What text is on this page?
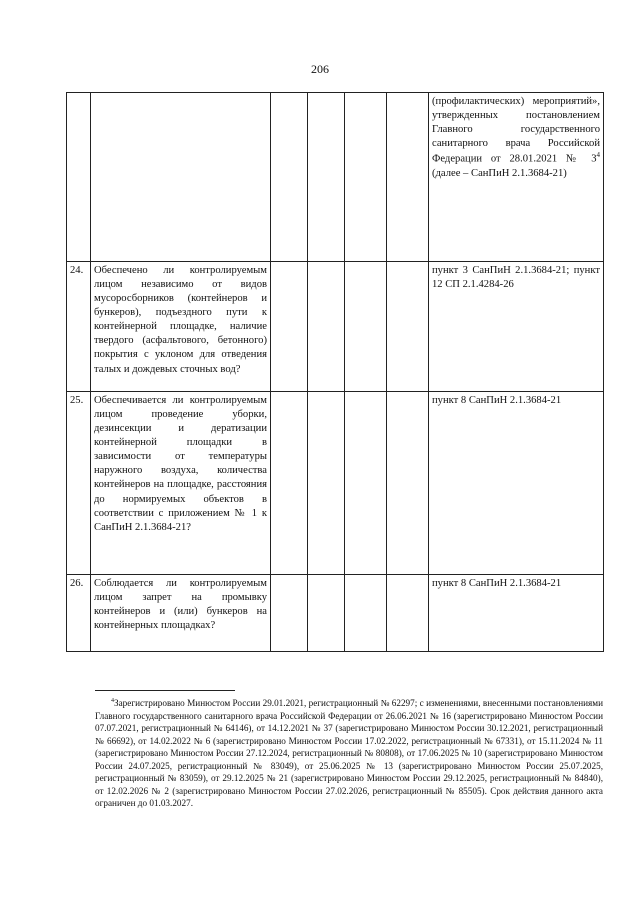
206
						(профилактических) мероприятий», утвержденных постановлением Главного государственного санитарного врача Российской Федерации от 28.01.2021 № $3^4$ (далее – СанПиН 2.1.3684-21)
24.	Обеспечено ли контролируемым лицом независимо от видов мусоросборников (контейнеров и бункеров), подъездного пути к контейнерной площадке, наличие твердого (асфальтового, бетонного) покрытия с уклоном для отведения талых и дождевых сточных вод?					пункт 3 СанПиН 2.1.3684-21; пункт 12 СП 2.1.4284-26
25.	Обеспечивается ли контролируемым лицом проведение уборки, дезинсекции и дератизации контейнерной площадки в зависимости от температуры наружного воздуха, количества контейнеров на площадке, расстояния до нормируемых объектов в соответствии с приложением № 1 к СанПиН 2.1.3684-21?					пункт 8 СанПиН 2.1.3684-21
26.	Соблюдается ли контролируемым лицом запрет на промывку контейнеров и (или) бункеров на контейнерных площадках?					пункт 8 СанПиН 2.1.3684-21
$^4$Зарегистрировано Минюстом России 29.01.2021, регистрационный № 62297; с изменениями, внесенными постановлениями Главного государственного санитарного врача Российской Федерации от 26.06.2021 № 16 (зарегистрировано Минюстом России 07.07.2021, регистрационный № 64146), от 14.12.2021 № 37 (зарегистрировано Минюстом России 30.12.2021, регистрационный № 66692), от 14.02.2022 № 6 (зарегистрировано Минюстом России 17.02.2022, регистрационный № 67331), от 15.11.2024 № 11 (зарегистрировано Минюстом России 27.12.2024, регистрационный № 80808), от 17.06.2025 № 10 (зарегистрировано Минюстом России 24.07.2025, регистрационный № 83049), от 25.06.2025 № 13 (зарегистрировано Минюстом России 25.07.2025, регистрационный № 83059), от 29.12.2025 № 21 (зарегистрировано Минюстом России 29.12.2025, регистрационный № 84840), от 12.02.2026 № 2 (зарегистрировано Минюстом России 27.02.2026, регистрационный № 85505). Срок действия данного акта ограничен до 01.03.2027.
